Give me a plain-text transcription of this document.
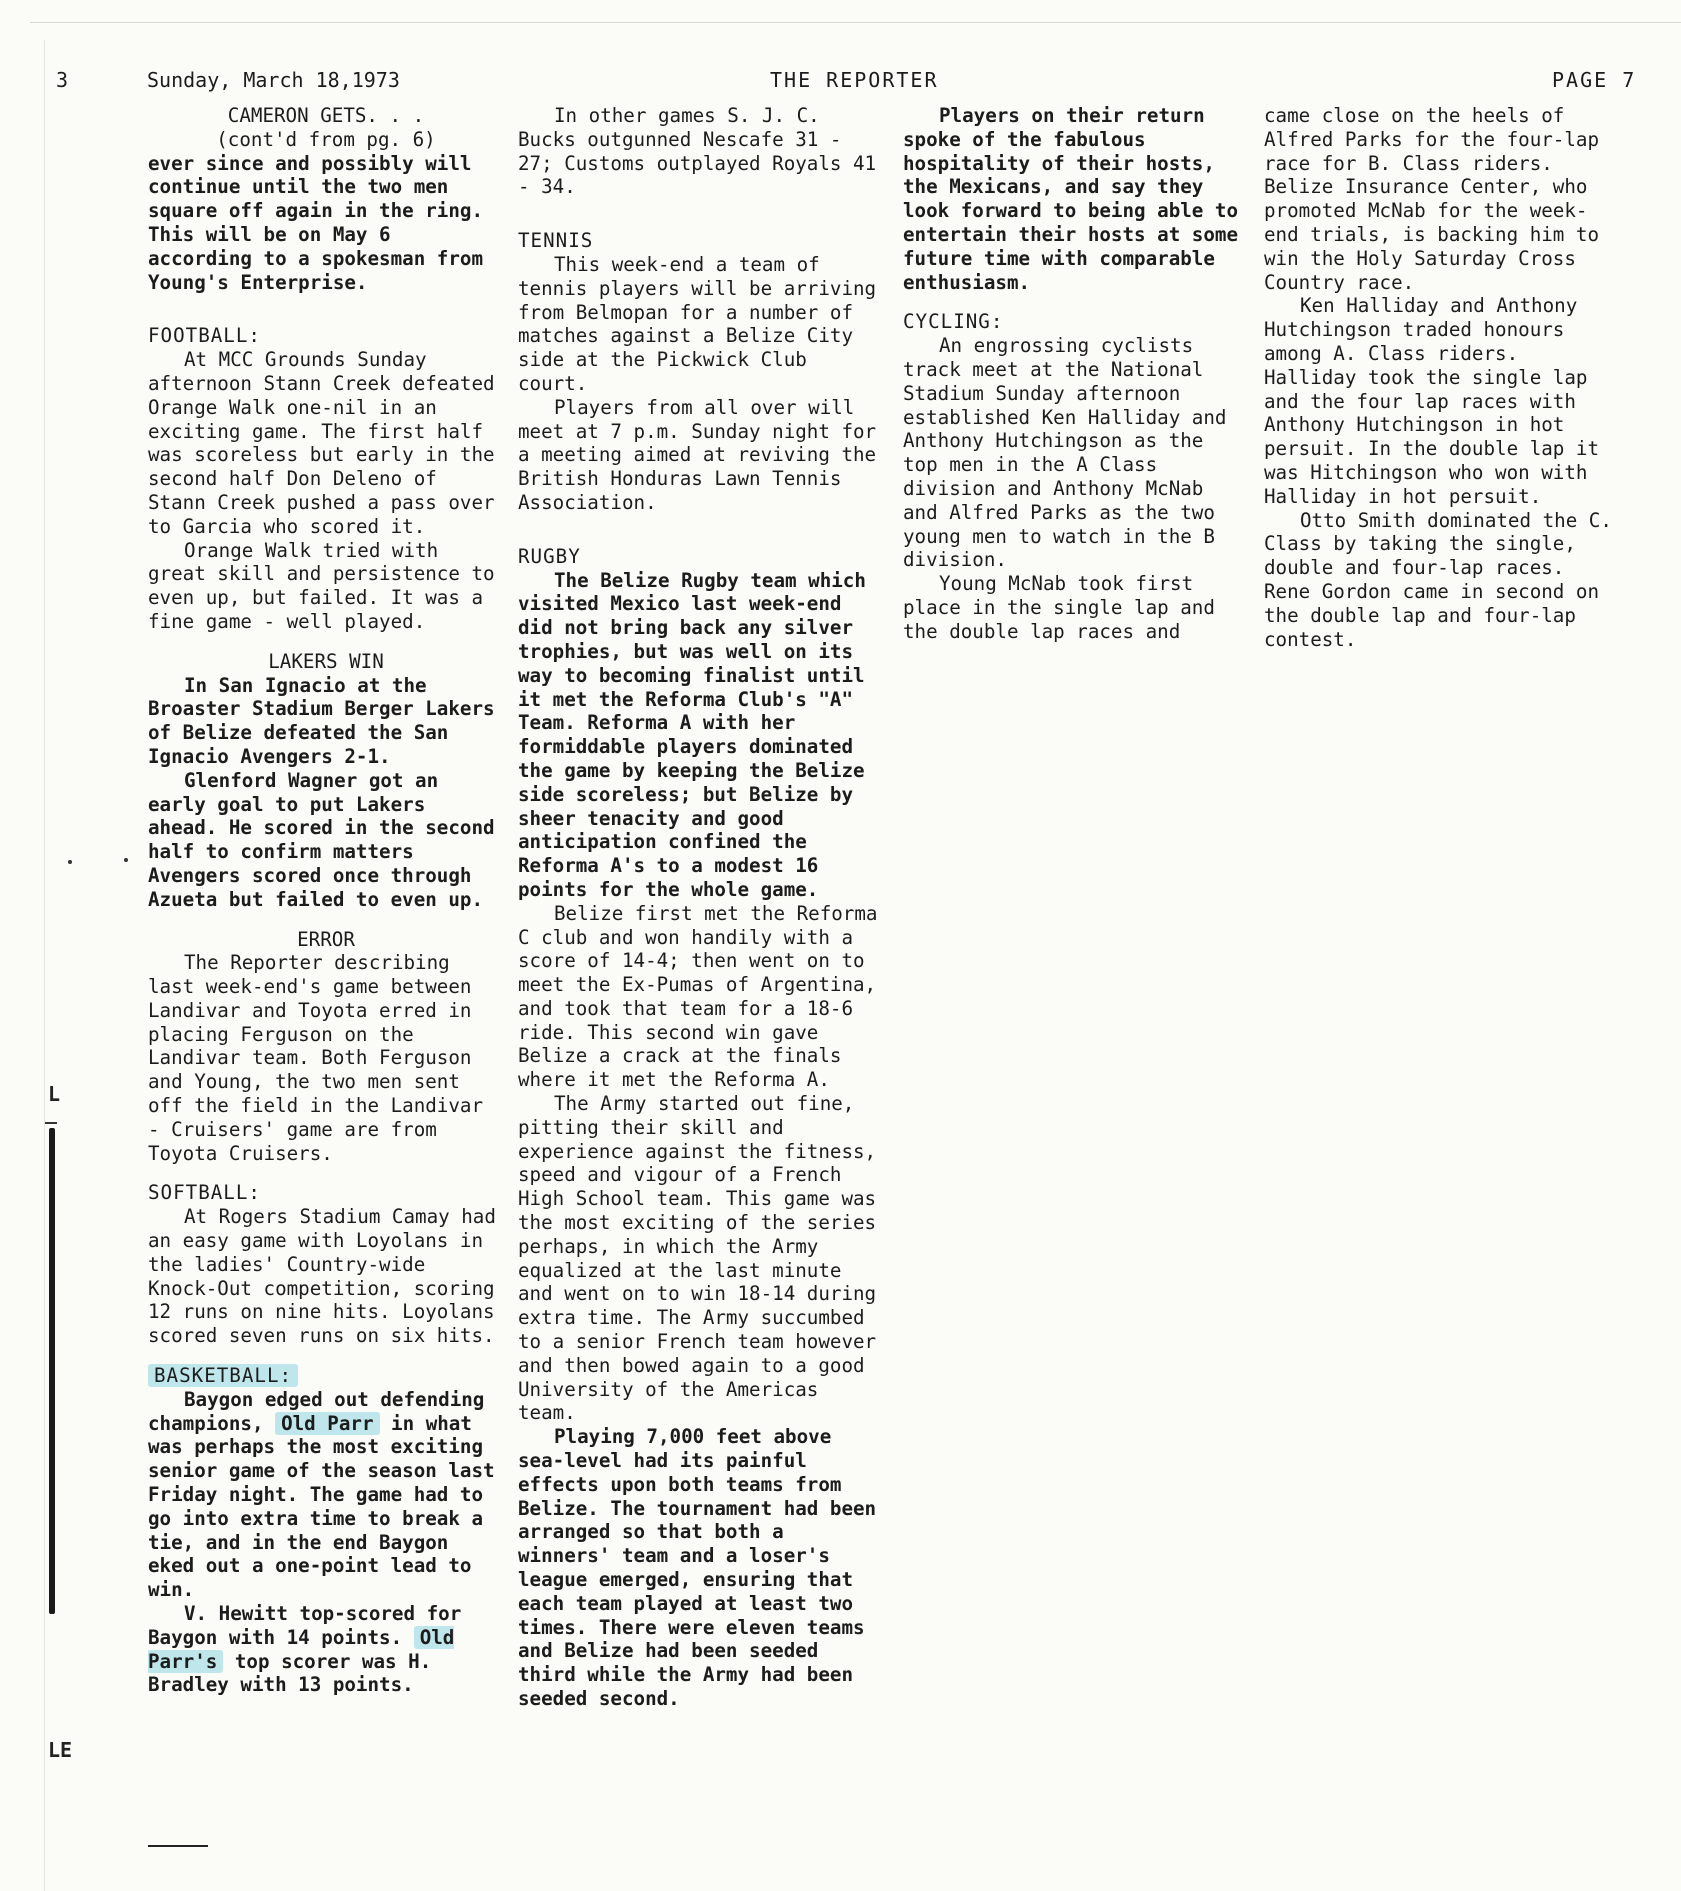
3	Sunday, March 18,1973	THE REPORTER	PAGE 7
L
LE

CAMERON GETS. . .

(cont'd from pg. 6)

ever since and possibly will continue until the two men square off again in the ring. This will be on May 6 according to a spokesman from Young's Enterprise.

FOOTBALL:

At MCC Grounds Sunday afternoon Stann Creek defeated Orange Walk one-nil in an exciting game. The first half was scoreless but early in the second half Don Deleno of Stann Creek pushed a pass over to Garcia who scored it.

Orange Walk tried with great skill and persistence to even up, but failed. It was a fine game - well played.

LAKERS WIN

In San Ignacio at the Broaster Stadium Berger Lakers of Belize defeated the San Ignacio Avengers 2-1.

Glenford Wagner got an early goal to put Lakers ahead. He scored in the second half to confirm matters Avengers scored once through Azueta but failed to even up.

ERROR

The Reporter describing last week-end's game between Landivar and Toyota erred in placing Ferguson on the Landivar team. Both Ferguson and Young, the two men sent off the field in the Landivar - Cruisers' game are from Toyota Cruisers.

SOFTBALL:

At Rogers Stadium Camay had an easy game with Loyolans in the ladies' Country-wide Knock-Out competition, scoring 12 runs on nine hits. Loyolans scored seven runs on six hits.

BASKETBALL:

Baygon edged out defending champions, Old Parr in what was perhaps the most exciting senior game of the season last Friday night. The game had to go into extra time to break a tie, and in the end Baygon eked out a one-point lead to win.

V. Hewitt top-scored for Baygon with 14 points. Old Parr's top scorer was H. Bradley with 13 points.

In other games S. J. C. Bucks outgunned Nescafe 31 - 27; Customs outplayed Royals 41 - 34.

TENNIS

This week-end a team of tennis players will be arriving from Belmopan for a number of matches against a Belize City side at the Pickwick Club court.

Players from all over will meet at 7 p.m. Sunday night for a meeting aimed at reviving the British Honduras Lawn Tennis Association.

RUGBY

The Belize Rugby team which visited Mexico last week-end did not bring back any silver trophies, but was well on its way to becoming finalist until it met the Reforma Club's "A" Team. Reforma A with her formiddable players dominated the game by keeping the Belize side scoreless; but Belize by sheer tenacity and good anticipation confined the Reforma A's to a modest 16 points for the whole game.

Belize first met the Reforma C club and won handily with a score of 14-4; then went on to meet the Ex-Pumas of Argentina, and took that team for a 18-6 ride. This second win gave Belize a crack at the finals where it met the Reforma A.

The Army started out fine, pitting their skill and experience against the fitness, speed and vigour of a French High School team. This game was the most exciting of the series perhaps, in which the Army equalized at the last minute and went on to win 18-14 during extra time. The Army succumbed to a senior French team however and then bowed again to a good University of the Americas team.

Playing 7,000 feet above sea-level had its painful effects upon both teams from Belize. The tournament had been arranged so that both a winners' team and a loser's league emerged, ensuring that each team played at least two times. There were eleven teams and Belize had been seeded third while the Army had been seeded second.

Players on their return spoke of the fabulous hospitality of their hosts, the Mexicans, and say they look forward to being able to entertain their hosts at some future time with comparable enthusiasm.

CYCLING:

An engrossing cyclists track meet at the National Stadium Sunday afternoon established Ken Halliday and Anthony Hutchingson as the top men in the A Class division and Anthony McNab and Alfred Parks as the two young men to watch in the B division.

Young McNab took first place in the single lap and the double lap races and

came close on the heels of Alfred Parks for the four-lap race for B. Class riders. Belize Insurance Center, who promoted McNab for the week-end trials, is backing him to win the Holy Saturday Cross Country race.

Ken Halliday and Anthony Hutchingson traded honours among A. Class riders. Halliday took the single lap and the four lap races with Anthony Hutchingson in hot persuit. In the double lap it was Hitchingson who won with Halliday in hot persuit.

Otto Smith dominated the C. Class by taking the single, double and four-lap races. Rene Gordon came in second on the double lap and four-lap contest.
